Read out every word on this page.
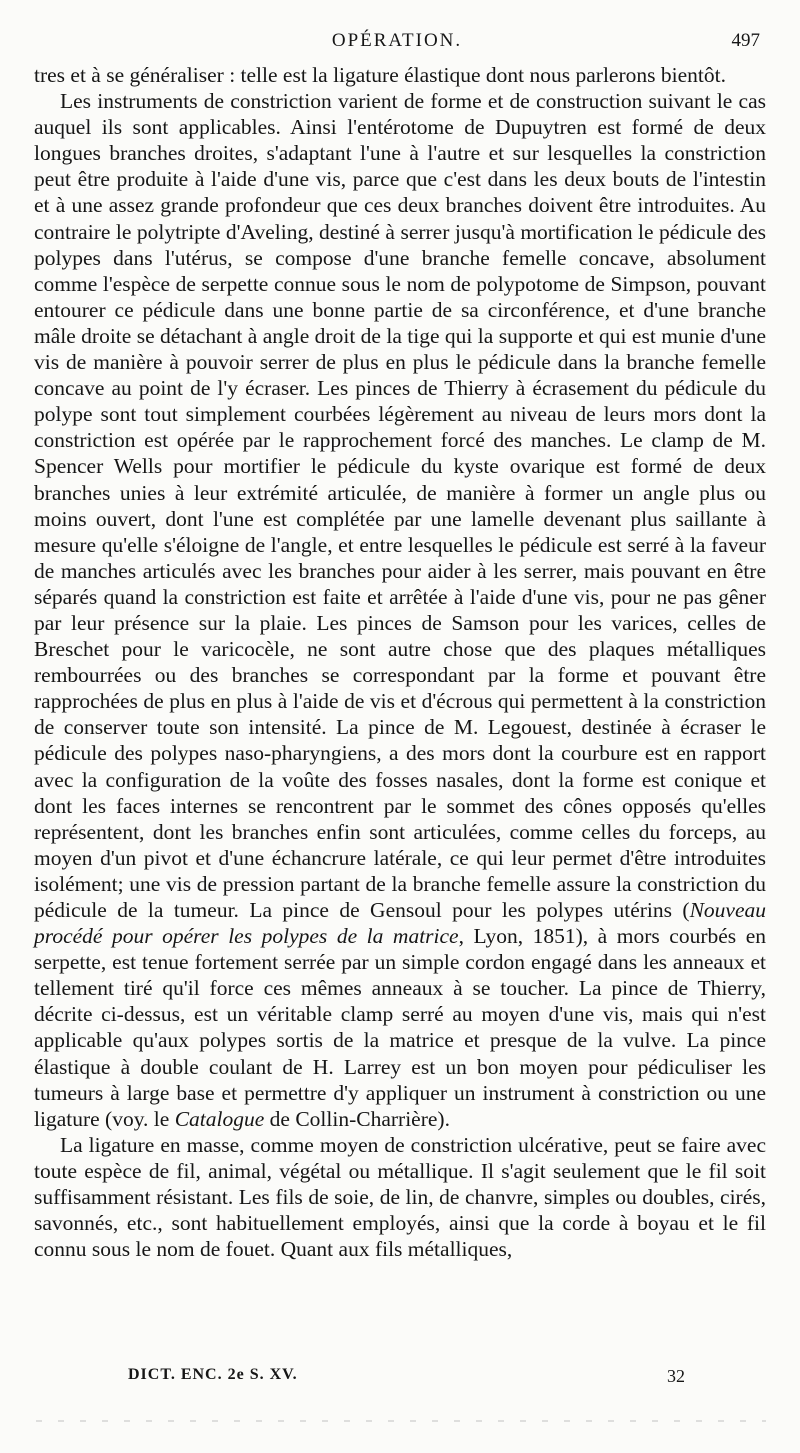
OPÉRATION.	497

tres et à se généraliser : telle est la ligature élastique dont nous parlerons bientôt.

Les instruments de constriction varient de forme et de construction suivant le cas auquel ils sont applicables. Ainsi l'entérotome de Dupuytren est formé de deux longues branches droites, s'adaptant l'une à l'autre et sur lesquelles la constriction peut être produite à l'aide d'une vis, parce que c'est dans les deux bouts de l'intestin et à une assez grande profondeur que ces deux branches doivent être introduites. Au contraire le polytripte d'Aveling, destiné à serrer jusqu'à mortification le pédicule des polypes dans l'utérus, se compose d'une branche femelle concave, absolument comme l'espèce de serpette connue sous le nom de polypotome de Simpson, pouvant entourer ce pédicule dans une bonne partie de sa circonférence, et d'une branche mâle droite se détachant à angle droit de la tige qui la supporte et qui est munie d'une vis de manière à pouvoir serrer de plus en plus le pédicule dans la branche femelle concave au point de l'y écraser. Les pinces de Thierry à écrasement du pédicule du polype sont tout simplement courbées légèrement au niveau de leurs mors dont la constriction est opérée par le rapprochement forcé des manches. Le clamp de M. Spencer Wells pour mortifier le pédicule du kyste ovarique est formé de deux branches unies à leur extrémité articulée, de manière à former un angle plus ou moins ouvert, dont l'une est complétée par une lamelle devenant plus saillante à mesure qu'elle s'éloigne de l'angle, et entre lesquelles le pédicule est serré à la faveur de manches articulés avec les branches pour aider à les serrer, mais pouvant en être séparés quand la constriction est faite et arrêtée à l'aide d'une vis, pour ne pas gêner par leur présence sur la plaie. Les pinces de Samson pour les varices, celles de Breschet pour le varicocèle, ne sont autre chose que des plaques métalliques rembourrées ou des branches se correspondant par la forme et pouvant être rapprochées de plus en plus à l'aide de vis et d'écrous qui permettent à la constriction de conserver toute son intensité. La pince de M. Legouest, destinée à écraser le pédicule des polypes naso-pharyngiens, a des mors dont la courbure est en rapport avec la configuration de la voûte des fosses nasales, dont la forme est conique et dont les faces internes se rencontrent par le sommet des cônes opposés qu'elles représentent, dont les branches enfin sont articulées, comme celles du forceps, au moyen d'un pivot et d'une échancrure latérale, ce qui leur permet d'être introduites isolément; une vis de pression partant de la branche femelle assure la constriction du pédicule de la tumeur. La pince de Gensoul pour les polypes utérins (Nouveau procédé pour opérer les polypes de la matrice, Lyon, 1851), à mors courbés en serpette, est tenue fortement serrée par un simple cordon engagé dans les anneaux et tellement tiré qu'il force ces mêmes anneaux à se toucher. La pince de Thierry, décrite ci-dessus, est un véritable clamp serré au moyen d'une vis, mais qui n'est applicable qu'aux polypes sortis de la matrice et presque de la vulve. La pince élastique à double coulant de H. Larrey est un bon moyen pour pédiculiser les tumeurs à large base et permettre d'y appliquer un instrument à constriction ou une ligature (voy. le Catalogue de Collin-Charrière).

La ligature en masse, comme moyen de constriction ulcérative, peut se faire avec toute espèce de fil, animal, végétal ou métallique. Il s'agit seulement que le fil soit suffisamment résistant. Les fils de soie, de lin, de chanvre, simples ou doubles, cirés, savonnés, etc., sont habituellement employés, ainsi que la corde à boyau et le fil connu sous le nom de fouet. Quant aux fils métalliques,

DICT. ENC. 2e S. XV.	32
